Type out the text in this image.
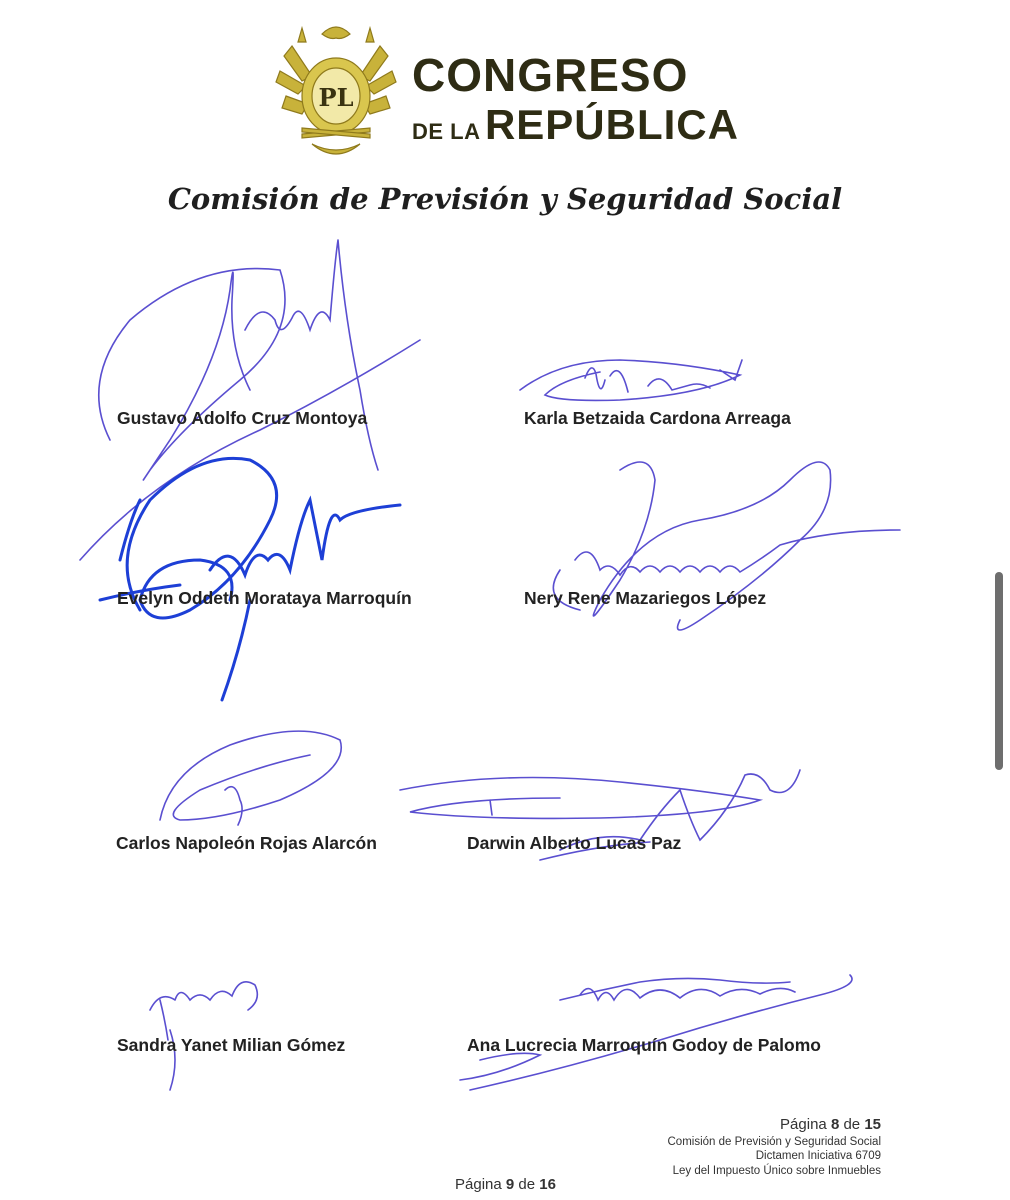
PL CONGRESO
DE LA REPÚBLICA
Comisión de Previsión y Seguridad Social
Gustavo Adolfo Cruz Montoya	Karla Betzaida Cardona Arreaga
Evelyn Oddeth Morataya Marroquín	Nery Rene Mazariegos López
Carlos Napoleón Rojas Alarcón	Darwin Alberto Lucas Paz
Sandra Yanet Milian Gómez	Ana Lucrecia Marroquín Godoy de Palomo
Página 8 de 15
Comisión de Previsión y Seguridad Social
Dictamen Iniciativa 6709
Ley del Impuesto Único sobre Inmuebles
Página 9 de 16
